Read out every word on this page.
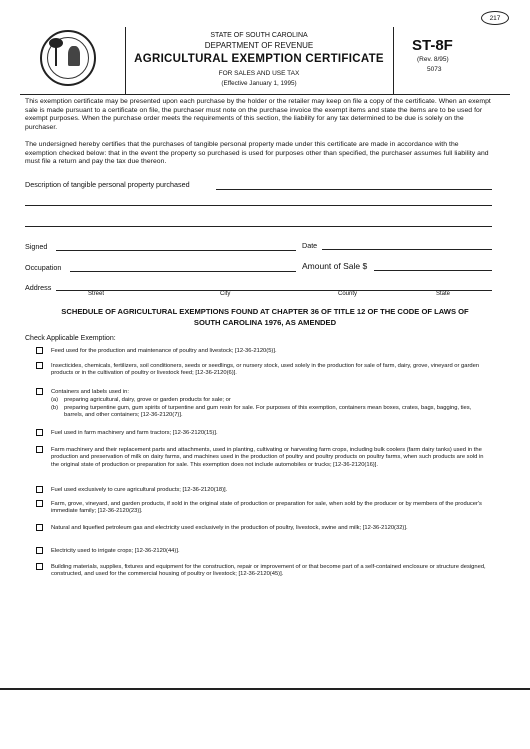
217
STATE OF SOUTH CAROLINA
DEPARTMENT OF REVENUE
AGRICULTURAL EXEMPTION CERTIFICATE
FOR SALES AND USE TAX
(Effective January 1, 1995)
ST-8F
(Rev. 8/95)
5073
This exemption certificate may be presented upon each purchase by the holder or the retailer may keep on file a copy of the certificate. When an exempt sale is made pursuant to a certificate on file, the purchaser must note on the purchase invoice the exempt items and state the items are to be used for exempt purposes. When the purchase order meets the requirements of this section, the liability for any tax determined to be due is solely on the purchaser.
The undersigned hereby certifies that the purchases of tangible personal property made under this certificate are made in accordance with the exemption checked below: that in the event the property so purchased is used for purposes other than specified, the purchaser assumes full liability and must file a return and pay the tax due thereon.
Description of tangible personal property purchased
Signed	Date
Occupation	Amount of Sale $
Address
Street	City	County	State
SCHEDULE OF AGRICULTURAL EXEMPTIONS FOUND AT CHAPTER 36 OF TITLE 12 OF THE CODE OF LAWS OF
SOUTH CAROLINA 1976, AS AMENDED
Check Applicable Exemption:
Feed used for the production and maintenance of poultry and livestock; [12-36-2120(5)].
Insecticides, chemicals, fertilizers, soil conditioners, seeds or seedlings, or nursery stock, used solely in the production for sale of farm, dairy, grove, vineyard or garden products or in the cultivation of poultry or livestock feed; [12-36-2120(6)].
Containers and labels used in:
(a) preparing agricultural, dairy, grove or garden products for sale; or
(b) preparing turpentine gum, gum spirits of turpentine and gum resin for sale. For purposes of this exemption, containers mean boxes, crates, bags, bagging, ties, barrels, and other containers; [12-36-2120(7)].
Fuel used in farm machinery and farm tractors; [12-36-2120(15)].
Farm machinery and their replacement parts and attachments, used in planting, cultivating or harvesting farm crops, including bulk coolers (farm dairy tanks) used in the production and preservation of milk on dairy farms, and machines used in the production of poultry and poultry products on poultry farms, when such products are sold in the original state of production or preparation for sale. This exemption does not include automobiles or trucks; [12-36-2120(16)].
Fuel used exclusively to cure agricultural products; [12-36-2120(18)].
Farm, grove, vineyard, and garden products, if sold in the original state of production or preparation for sale, when sold by the producer or by members of the producer's immediate family; [12-36-2120(23)].
Natural and liquefied petroleum gas and electricity used exclusively in the production of poultry, livestock, swine and milk; [12-36-2120(32)].
Electricity used to irrigate crops; [12-36-2120(44)].
Building materials, supplies, fixtures and equipment for the construction, repair or improvement of or that become part of a self-contained enclosure or structure designed, constructed, and used for the commercial housing of poultry or livestock; [12-36-2120(45)].
